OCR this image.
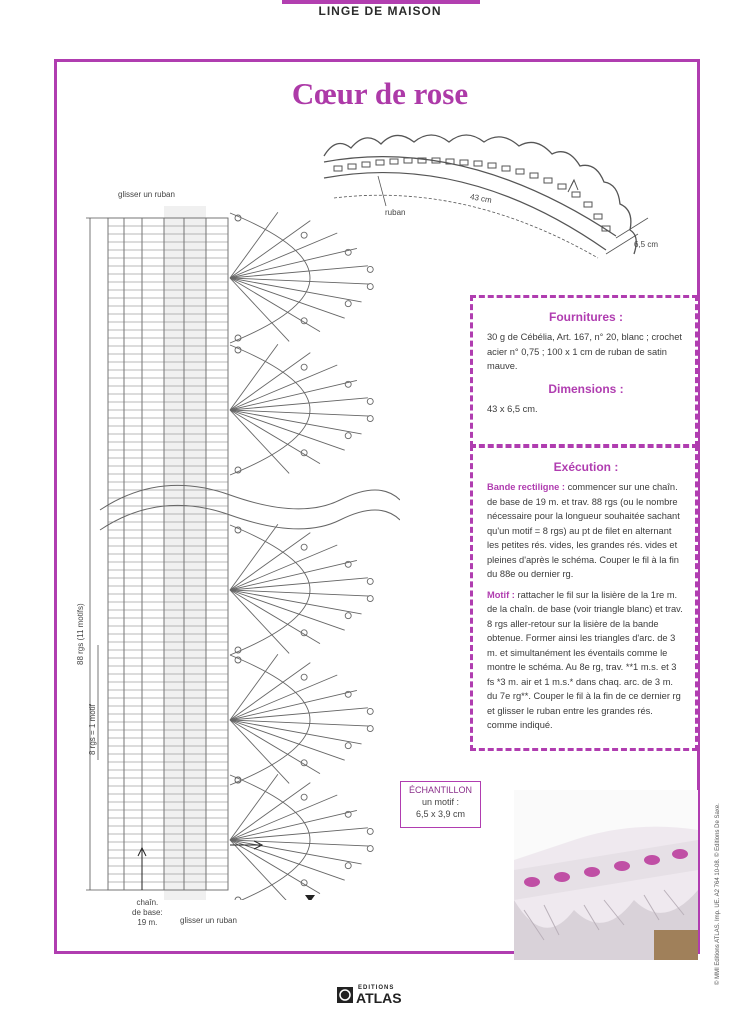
LINGE DE MAISON
Cœur de rose
43 cm
6,5 cm
ruban
glisser un ruban
glisser un ruban
88 rgs (11 motifs)
8 rgs = 1 motif
chaîn.
de base:
19 m.
Fournitures :

30 g de Cébélia, Art. 167, n° 20, blanc ; crochet acier n° 0,75 ; 100 x 1 cm de ruban de satin mauve.

Dimensions :

43 x 6,5 cm.

Exécution :

Bande rectiligne : commencer sur une chaîn. de base de 19 m. et trav. 88 rgs (ou le nombre nécessaire pour la longueur souhaitée sachant qu'un motif = 8 rgs) au pt de filet en alternant les petites rés. vides, les grandes rés. vides et pleines d'après le schéma. Couper le fil à la fin du 88e ou dernier rg.

Motif : rattacher le fil sur la lisière de la 1re m. de la chaîn. de base (voir triangle blanc) et trav. 8 rgs aller-retour sur la lisière de la bande obtenue. Former ainsi les triangles d'arc. de 3 m. et simultanément les éventails comme le montre le schéma. Au 8e rg, trav. **1 m.s. et 3 fs *3 m. air et 1 m.s.* dans chaq. arc. de 3 m. du 7e rg**. Couper le fil à la fin de ce dernier rg et glisser le ruban entre les grandes rés. comme indiqué.

ÉCHANTILLON
un motif :
6,5 x 3,9 cm	© MMI Editions ATLAS. Imp. UE. A2 764 10-08. © Editions De Saxe.
EDITIONS
ATLAS
